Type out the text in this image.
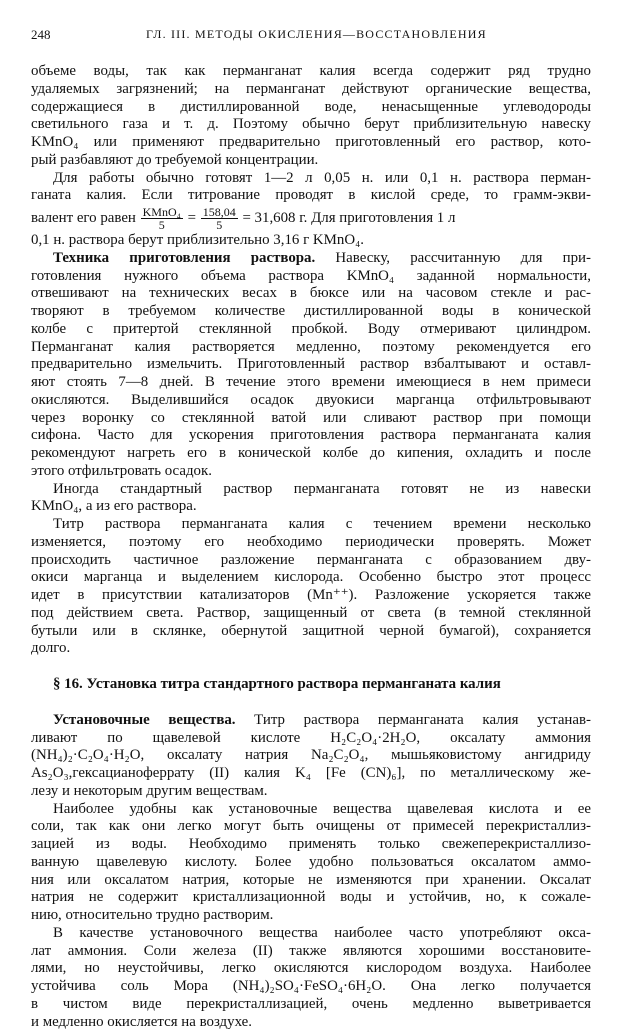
248	ГЛ. III. МЕТОДЫ ОКИСЛЕНИЯ—ВОССТАНОВЛЕНИЯ
объеме воды, так как перманганат калия всегда содержит ряд трудно
удаляемых загрязнений; на перманганат действуют органические вещества,
содержащиеся в дистиллированной воде, ненасыщенные углеводороды
светильного газа и т. д. Поэтому обычно берут приблизительную навеску
KMnO₄ или применяют предварительно приготовленный его раствор, кото-
рый разбавляют до требуемой концентрации.
Для работы обычно готовят 1—2 л 0,05 н. или 0,1 н. раствора перман-
ганата калия. Если титрование проводят в кислой среде, то грамм-экви-
валент его равен $\frac{\text{KMnO₄}}{5} = \frac{158,04}{5} = 31,608$ г. Для приготовления 1 л
0,1 н. раствора берут приблизительно 3,16 г KMnO₄.
Техника приготовления раствора. Навеску, рассчитанную для при-
готовления нужного объема раствора KMnO₄ заданной нормальности,
отвешивают на технических весах в бюксе или на часовом стекле и рас-
творяют в требуемом количестве дистиллированной воды в конической
колбе с притертой стеклянной пробкой. Воду отмеривают цилиндром.
Перманганат калия растворяется медленно, поэтому рекомендуется его
предварительно измельчить. Приготовленный раствор взбалтывают и оставл-
яют стоять 7—8 дней. В течение этого времени имеющиеся в нем примеси
окисляются. Выделившийся осадок двуокиси марганца отфильтровывают
через воронку со стеклянной ватой или сливают раствор при помощи
сифона. Часто для ускорения приготовления раствора перманганата калия
рекомендуют нагреть его в конической колбе до кипения, охладить и после
этого отфильтровать осадок.
Иногда стандартный раствор перманганата готовят не из навески
KMnO₄, а из его раствора.
Титр раствора перманганата калия с течением времени несколько
изменяется, поэтому его необходимо периодически проверять. Может
происходить частичное разложение перманганата с образованием дву-
окиси марганца и выделением кислорода. Особенно быстро этот процесс
идет в присутствии катализаторов (Mn⁺⁺). Разложение ускоряется также
под действием света. Раствор, защищенный от света (в темной стеклянной
бутыли или в склянке, обернутой защитной черной бумагой), сохраняется
долго.
§ 16. Установка титра стандартного раствора перманганата калия
Установочные вещества. Титр раствора перманганата калия устанав-
ливают по щавелевой кислоте H₂C₂O₄·2H₂O, оксалату аммония
(NH₄)₂·C₂O₄·H₂O, оксалату натрия Na₂C₂O₄, мышьяковистому ангидриду
As₂O₃,гексацианоферрату (II) калия K₄ [Fe (CN)₆], по металлическому же-
лезу и некоторым другим веществам.
Наиболее удобны как установочные вещества щавелевая кислота и ее
соли, так как они легко могут быть очищены от примесей перекристаллиз-
зацией из воды. Необходимо применять только свежеперекристаллизо-
ванную щавелевую кислоту. Более удобно пользоваться оксалатом аммо-
ния или оксалатом натрия, которые не изменяются при хранении. Оксалат
натрия не содержит кристаллизационной воды и устойчив, но, к сожале-
нию, относительно трудно растворим.
В качестве установочного вещества наиболее часто употребляют окса-
лат аммония. Соли железа (II) также являются хорошими восстановите-
лями, но неустойчивы, легко окисляются кислородом воздуха. Наиболее
устойчива соль Мора (NH₄)₂SO₄·FeSO₄·6H₂O. Она легко получается
в чистом виде перекристаллизацией, очень медленно выветривается
и медленно окисляется на воздухе.
